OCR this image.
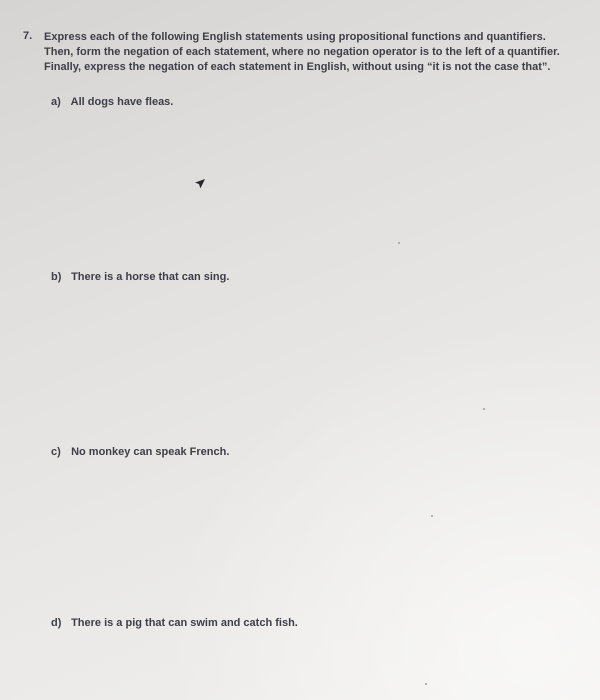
7. Express each of the following English statements using propositional functions and quantifiers.
Then, form the negation of each statement, where no negation operator is to the left of a quantifier.
Finally, express the negation of each statement in English, without using “it is not the case that”.

a) All dogs have fleas.
b) There is a horse that can sing.
c) No monkey can speak French.
d) There is a pig that can swim and catch fish.
